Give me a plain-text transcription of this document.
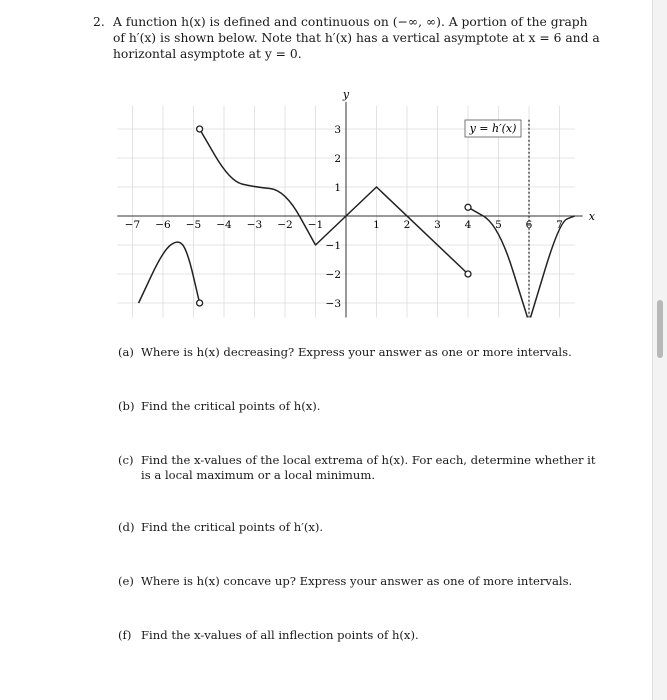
2. A function h(x) is defined and continuous on (−∞, ∞). A portion of the graph of h′(x) is shown below. Note that h′(x) has a vertical asymptote at x = 6 and a horizontal asymptote at y = 0.
−7 −6 −5 −4 −3 −2 −1	1 2 3 4 5 6 7
3
2
1
−1
−2
−3
y = h′(x)
x
y
(a) Where is h(x) decreasing? Express your answer as one or more intervals.
(b) Find the critical points of h(x).
(c) Find the x-values of the local extrema of h(x). For each, determine whether it is a local maximum or a local minimum.
(d) Find the critical points of h′(x).
(e) Where is h(x) concave up? Express your answer as one of more intervals.
(f) Find the x-values of all inflection points of h(x).
